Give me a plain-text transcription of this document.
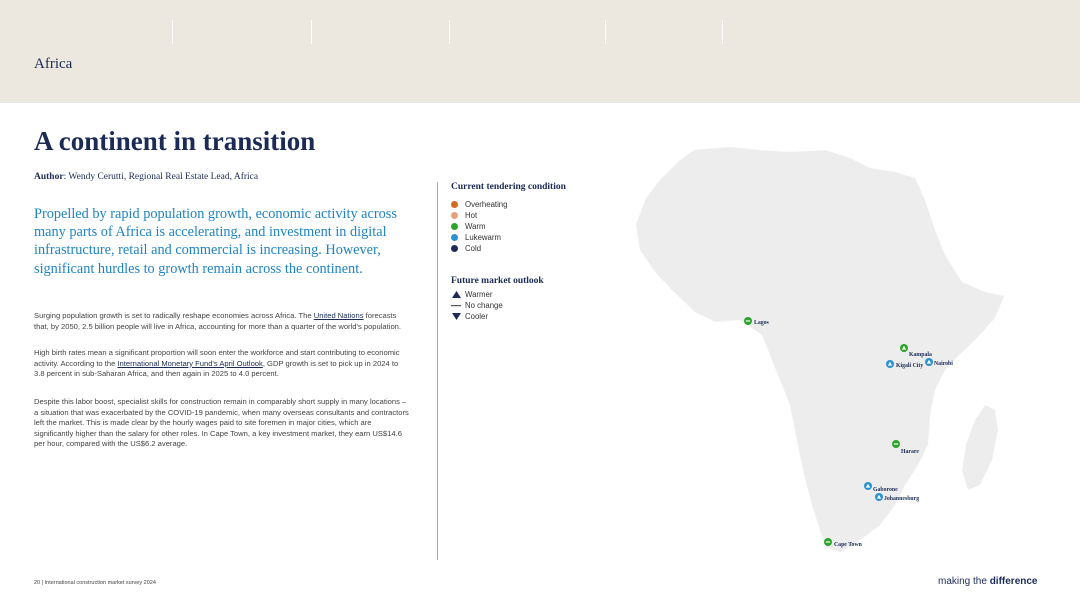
Africa
A continent in transition
Author: Wendy Cerutti, Regional Real Estate Lead, Africa

Propelled by rapid population growth, economic activity across many parts of Africa is accelerating, and investment in digital infrastructure, retail and commercial is increasing. However, significant hurdles to growth remain across the continent.

Surging population growth is set to radically reshape economies across Africa. The United Nations forecasts that, by 2050, 2.5 billion people will live in Africa, accounting for more than a quarter of the world's population.

High birth rates mean a significant proportion will soon enter the workforce and start contributing to economic activity. According to the International Monetary Fund's April Outlook, GDP growth is set to pick up in 2024 to 3.8 percent in sub-Saharan Africa, and then again in 2025 to 4.0 percent.

Despite this labor boost, specialist skills for construction remain in comparably short supply in many locations – a situation that was exacerbated by the COVID-19 pandemic, when many overseas consultants and contractors left the market. This is made clear by the hourly wages paid to site foremen in major cities, which are significantly higher than the salary for other roles. In Cape Town, a key investment market, they earn US$14.6 per hour, compared with the US$6.2 average.

Current tendering condition
Overheating
Hot
Warm
Lukewarm
Cold
Future market outlook
Warmer
No change
Cooler
Lagos
Kampala
Kigali City Nairobi
Harare
Gaborone
Johannesburg
Cape Town
20 | International construction market survey 2024	making the difference
